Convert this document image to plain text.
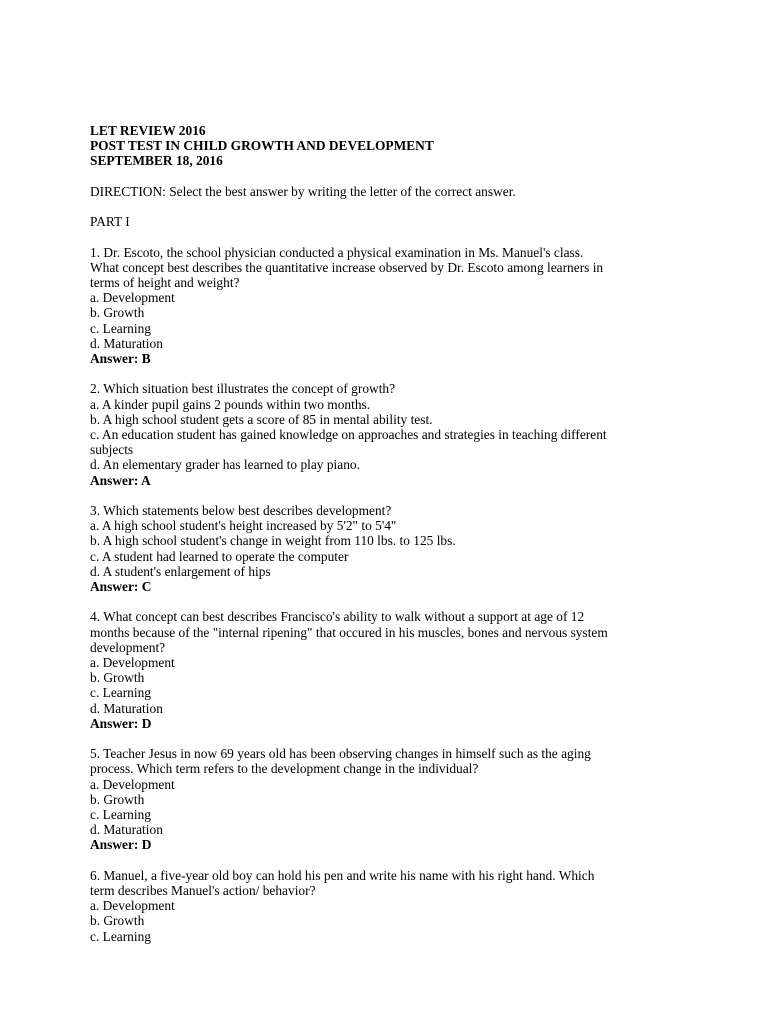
LET REVIEW 2016
POST TEST IN CHILD GROWTH AND DEVELOPMENT
SEPTEMBER 18, 2016
DIRECTION: Select the best answer by writing the letter of the correct answer.
PART I
1. Dr. Escoto, the school physician conducted a physical examination in Ms. Manuel's class.
What concept best describes the quantitative increase observed by Dr. Escoto among learners in
terms of height and weight?
a. Development
b. Growth
c. Learning
d. Maturation
Answer: B
2. Which situation best illustrates the concept of growth?
a. A kinder pupil gains 2 pounds within two months.
b. A high school student gets a score of 85 in mental ability test.
c. An education student has gained knowledge on approaches and strategies in teaching different
subjects
d. An elementary grader has learned to play piano.
Answer: A
3. Which statements below best describes development?
a. A high school student's height increased by 5'2" to 5'4"
b. A high school student's change in weight from 110 lbs. to 125 lbs.
c. A student had learned to operate the computer
d. A student's enlargement of hips
Answer: C
4. What concept can best describes Francisco's ability to walk without a support at age of 12
months because of the "internal ripening" that occured in his muscles, bones and nervous system
development?
a. Development
b. Growth
c. Learning
d. Maturation
Answer: D
5. Teacher Jesus in now 69 years old has been observing changes in himself such as the aging
process. Which term refers to the development change in the individual?
a. Development
b. Growth
c. Learning
d. Maturation
Answer: D
6. Manuel, a five-year old boy can hold his pen and write his name with his right hand. Which
term describes Manuel's action/ behavior?
a. Development
b. Growth
c. Learning
